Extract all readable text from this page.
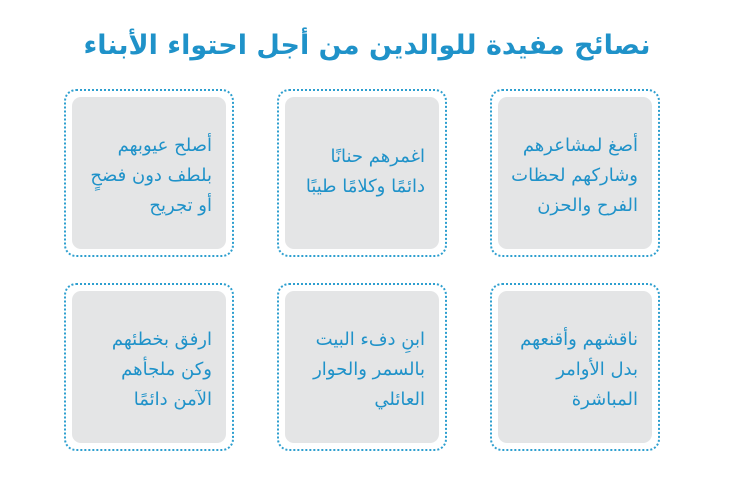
نصائح مفيدة للوالدين من أجل احتواء الأبناء
أصغ لمشاعرهم
وشاركهم لحظات
الفرح والحزن
اغمرهم حنانًا
دائمًا وكلامًا طيبًا
أصلح عيوبهم
بلطف دون فضحٍ
أو تجريح
ناقشهم وأقنعهم
بدل الأوامر
المباشرة
ابنِ دفء البيت
بالسمر والحوار
العائلي
ارفق بخطئهم
وكن ملجأهم
الآمن دائمًا
